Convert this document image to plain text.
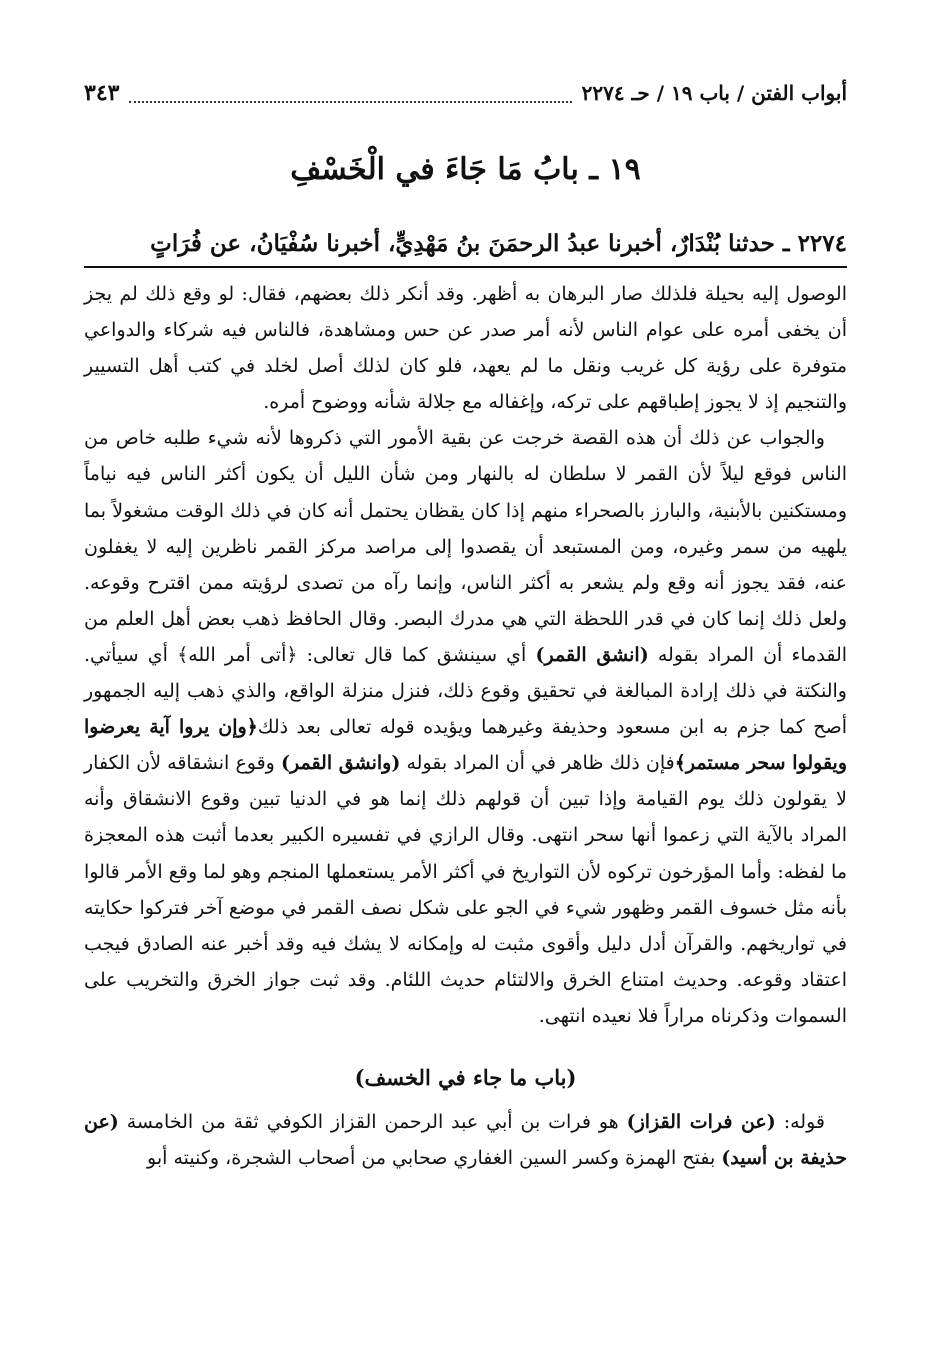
أبواب الفتن / باب ١٩ / حـ ٢٢٧٤
٣٤٣
١٩ ـ بابُ مَا جَاءَ في الْخَسْفِ
٢٢٧٤ ـ حدثنا بُنْدَارٌ، أخبرنا عبدُ الرحمَنَ بنُ مَهْدِيٍّ، أخبرنا سُفْيَانُ، عن فُرَاتٍ

الوصول إليه بحيلة فلذلك صار البرهان به أظهر. وقد أنكر ذلك بعضهم، فقال: لو وقع ذلك لم يجز أن يخفى أمره على عوام الناس لأنه أمر صدر عن حس ومشاهدة، فالناس فيه شركاء والدواعي متوفرة على رؤية كل غريب ونقل ما لم يعهد، فلو كان لذلك أصل لخلد في كتب أهل التسيير والتنجيم إذ لا يجوز إطباقهم على تركه، وإغفاله مع جلالة شأنه ووضوح أمره.

والجواب عن ذلك أن هذه القصة خرجت عن بقية الأمور التي ذكروها لأنه شيء طلبه خاص من الناس فوقع ليلاً لأن القمر لا سلطان له بالنهار ومن شأن الليل أن يكون أكثر الناس فيه نياماً ومستكنين بالأبنية، والبارز بالصحراء منهم إذا كان يقظان يحتمل أنه كان في ذلك الوقت مشغولاً بما يلهيه من سمر وغيره، ومن المستبعد أن يقصدوا إلى مراصد مركز القمر ناظرين إليه لا يغفلون عنه، فقد يجوز أنه وقع ولم يشعر به أكثر الناس، وإنما رآه من تصدى لرؤيته ممن اقترح وقوعه. ولعل ذلك إنما كان في قدر اللحظة التي هي مدرك البصر. وقال الحافظ ذهب بعض أهل العلم من القدماء أن المراد بقوله (انشق القمر) أي سينشق كما قال تعالى: ﴿أتى أمر الله﴾ أي سيأتي. والنكتة في ذلك إرادة المبالغة في تحقيق وقوع ذلك، فنزل منزلة الواقع، والذي ذهب إليه الجمهور أصح كما جزم به ابن مسعود وحذيفة وغيرهما ويؤيده قوله تعالى بعد ذلك﴿وإن يروا آية يعرضوا ويقولوا سحر مستمر﴾فإن ذلك ظاهر في أن المراد بقوله (وانشق القمر) وقوع انشقاقه لأن الكفار لا يقولون ذلك يوم القيامة وإذا تبين أن قولهم ذلك إنما هو في الدنيا تبين وقوع الانشقاق وأنه المراد بالآية التي زعموا أنها سحر انتهى. وقال الرازي في تفسيره الكبير بعدما أثبت هذه المعجزة ما لفظه: وأما المؤرخون تركوه لأن التواريخ في أكثر الأمر يستعملها المنجم وهو لما وقع الأمر قالوا بأنه مثل خسوف القمر وظهور شيء في الجو على شكل نصف القمر في موضع آخر فتركوا حكايته في تواريخهم. والقرآن أدل دليل وأقوى مثبت له وإمكانه لا يشك فيه وقد أخبر عنه الصادق فيجب اعتقاد وقوعه. وحديث امتناع الخرق والالتئام حديث اللئام. وقد ثبت جواز الخرق والتخريب على السموات وذكرناه مراراً فلا نعيده انتهى.

(باب ما جاء في الخسف)

قوله: (عن فرات القزاز) هو فرات بن أبي عبد الرحمن القزاز الكوفي ثقة من الخامسة (عن حذيفة بن أسيد) بفتح الهمزة وكسر السين الغفاري صحابي من أصحاب الشجرة، وكنيته أبو
